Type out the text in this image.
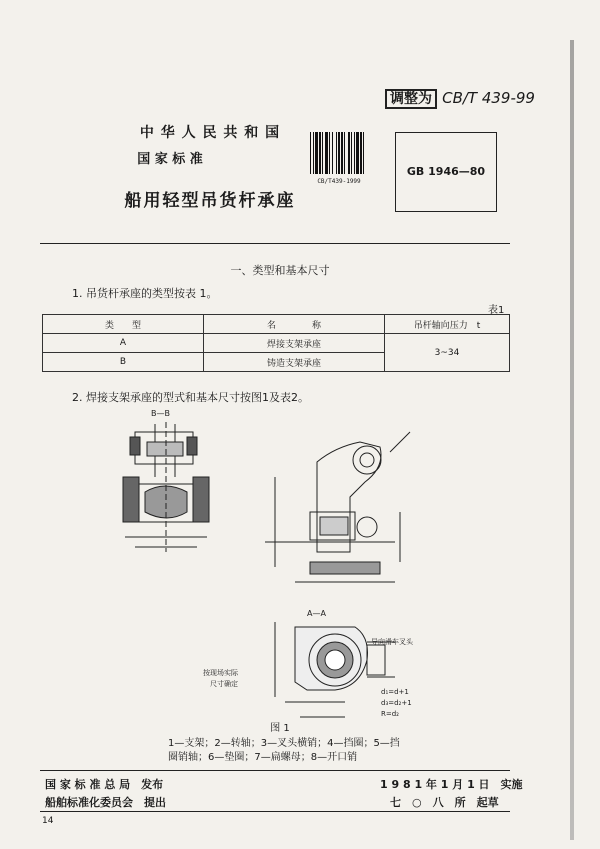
调整为 CB/T 439-99
中 华 人 民 共 和 国
国 家 标 准
CB/T439-1999
GB 1946—80
船用轻型吊货杆承座
一、类型和基本尺寸
1. 吊货杆承座的类型按表 1。
表1
类　　型	名　　　　称	吊杆轴向压力　t
A	焊接支架承座	3~34
B	铸造支架承座	
2. 焊接支架承座的型式和基本尺寸按图1及表2。
B—B
A—A
导向滑车叉头
按现场实际
尺寸确定
d₁=d+1
d₃=d₂+1
R=d₂
图 1
1—支架；2—转轴；3—叉头横销；4—挡圈；5—挡
圈销轴；6—垫圈；7—扁螺母；8—开口销
国 家 标 准 总 局　发布
船舶标准化委员会　提出
1 9 8 1 年 1 月 1 日　实施
七　○　八　所　起草
14
